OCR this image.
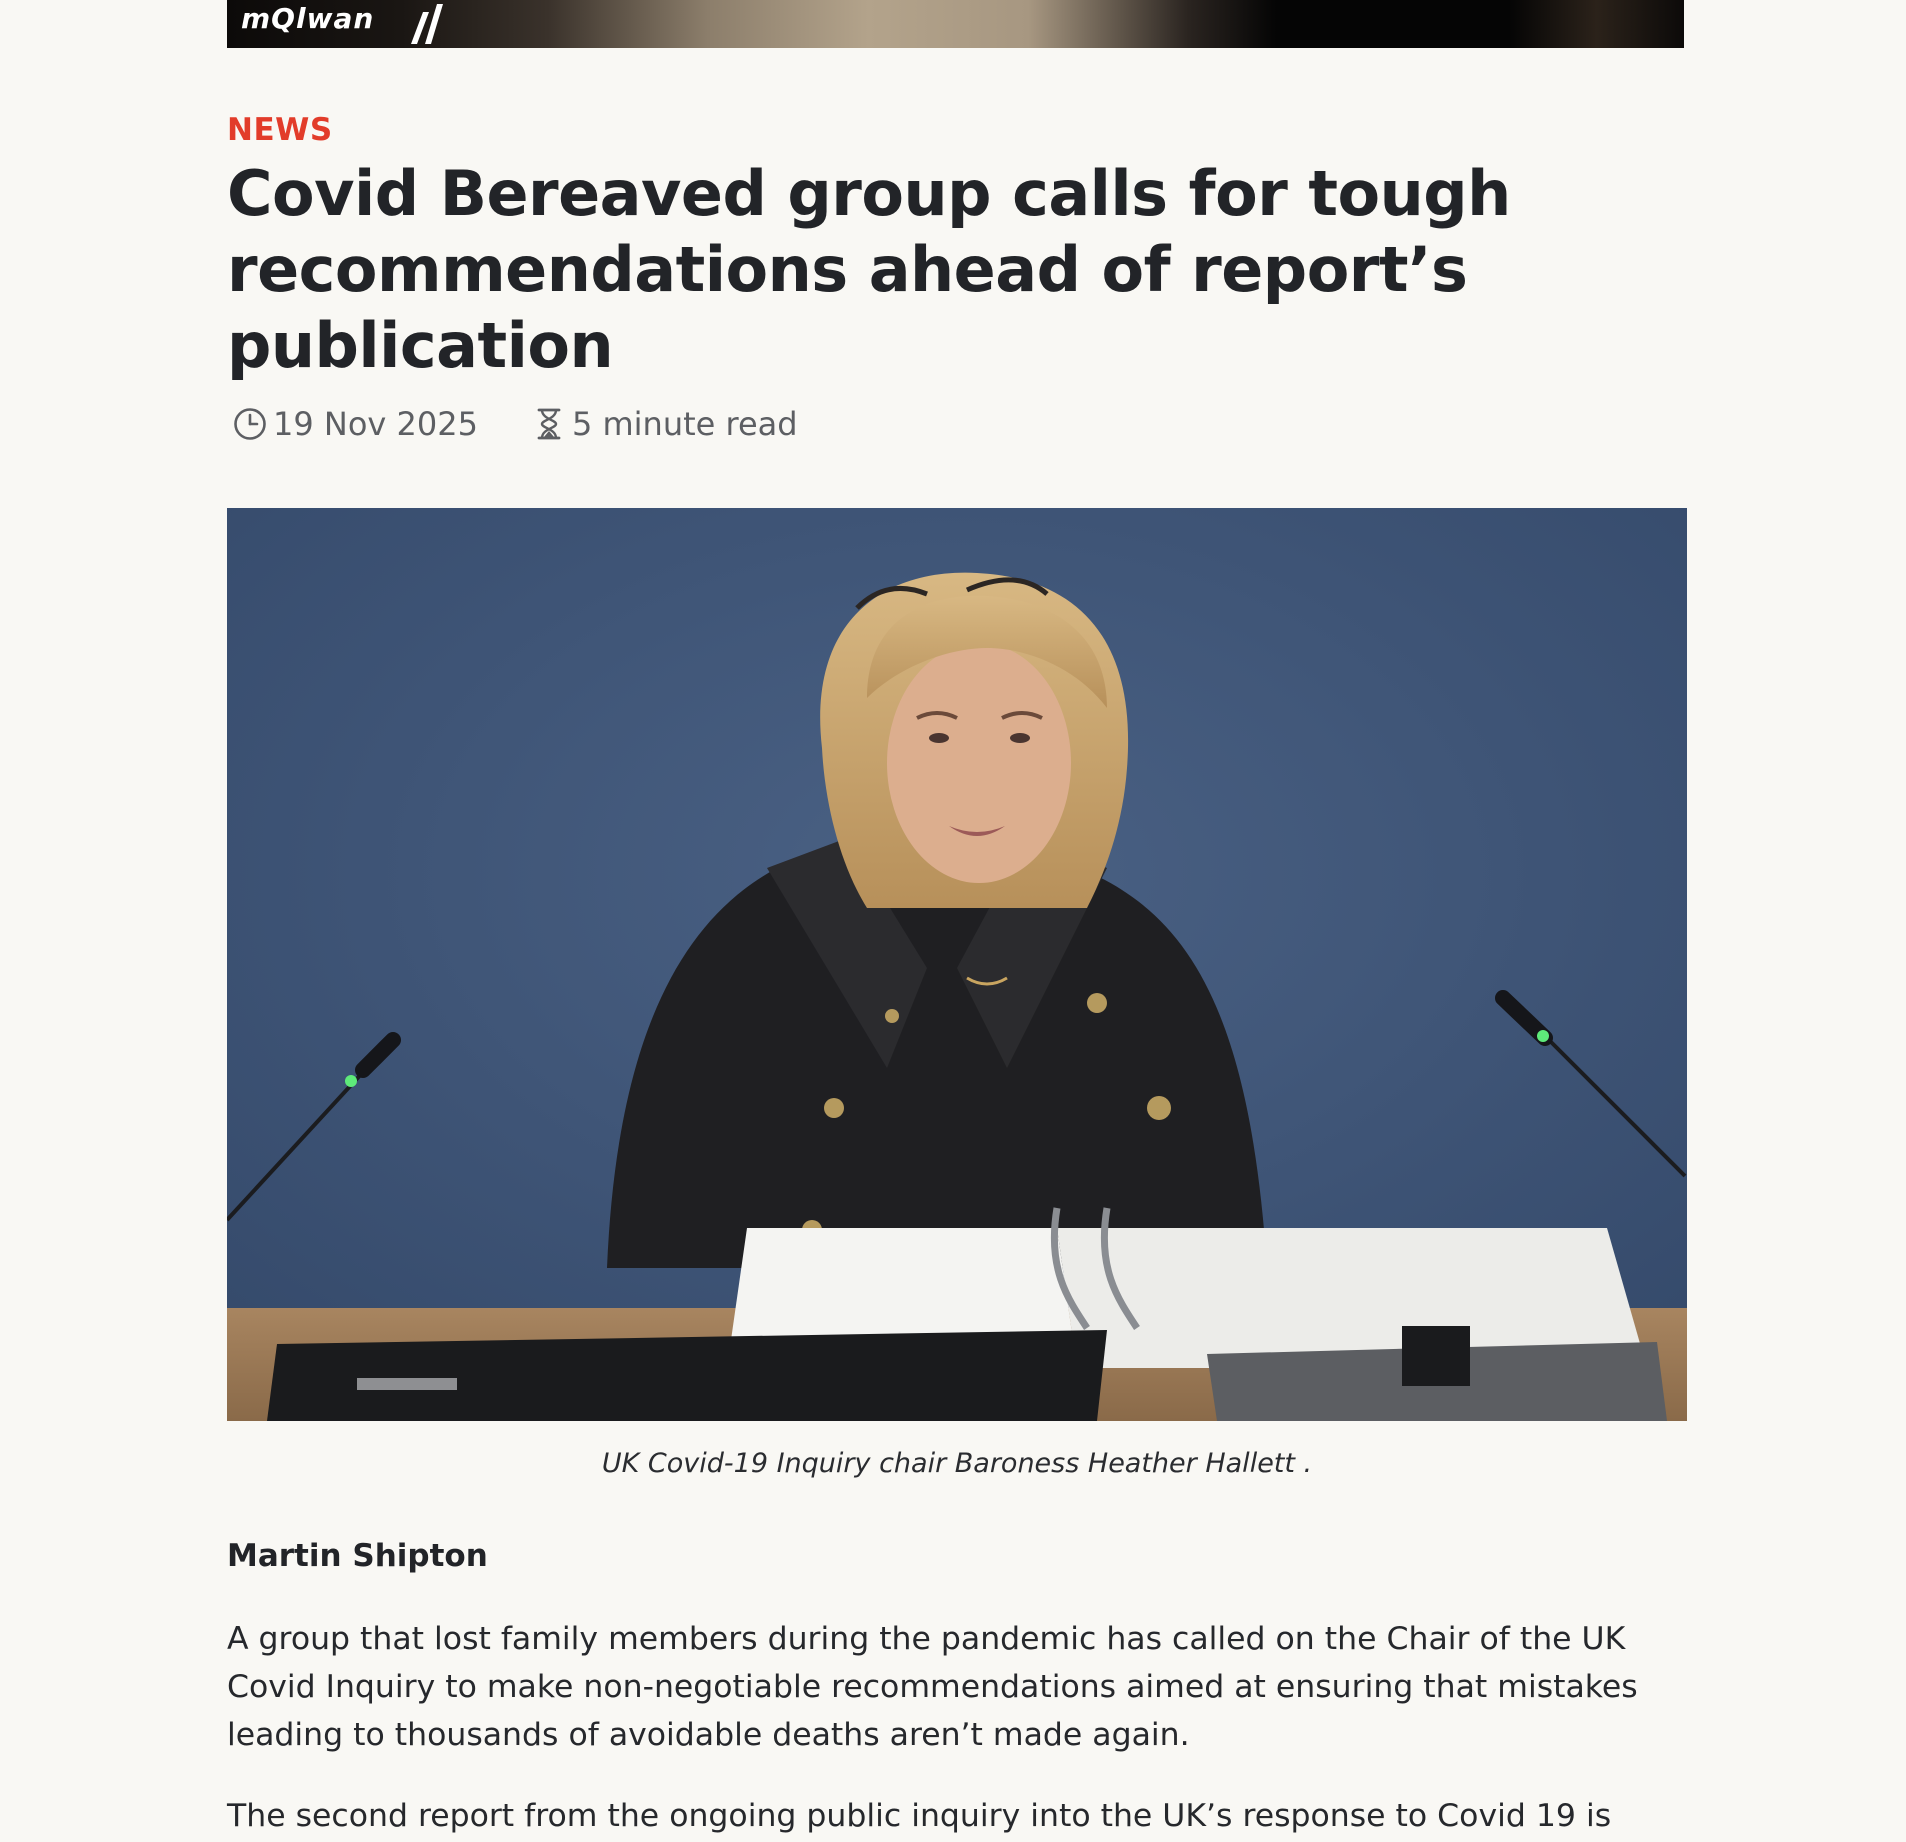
mQlwan
NEWS
Covid Bereaved group calls for tough recommendations ahead of report’s publication
19 Nov 2025	5 minute read
UK Covid-19 Inquiry chair Baroness Heather Hallett .
Martin Shipton

A group that lost family members during the pandemic has called on the Chair of the UK Covid Inquiry to make non-negotiable recommendations aimed at ensuring that mistakes leading to thousands of avoidable deaths aren’t made again.

The second report from the ongoing public inquiry into the UK’s response to Covid 19 is
